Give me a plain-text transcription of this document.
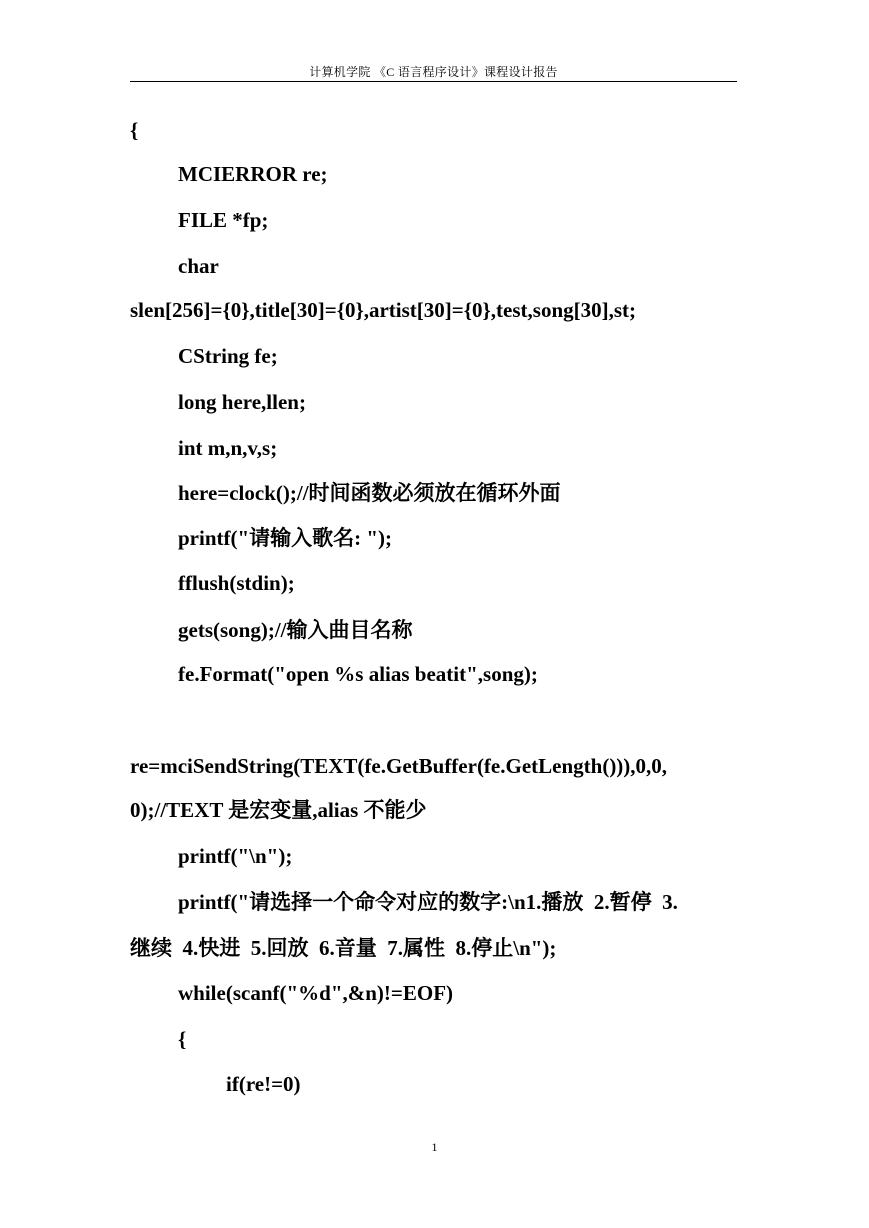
计算机学院 《C 语言程序设计》课程设计报告
{
MCIERROR re;
FILE *fp;
char
slen[256]={0},title[30]={0},artist[30]={0},test,song[30],st;
CString fe;
long here,llen;
int m,n,v,s;
here=clock();//时间函数必须放在循环外面
printf("请输入歌名: ");
fflush(stdin);
gets(song);//输入曲目名称
fe.Format("open %s alias beatit",song);
re=mciSendString(TEXT(fe.GetBuffer(fe.GetLength())),0,0,
0);//TEXT 是宏变量,alias 不能少
printf("\n");
printf("请选择一个命令对应的数字:\n1.播放  2.暂停  3.
继续  4.快进  5.回放  6.音量  7.属性  8.停止\n");
while(scanf("%d",&n)!=EOF)
{
if(re!=0)
1
